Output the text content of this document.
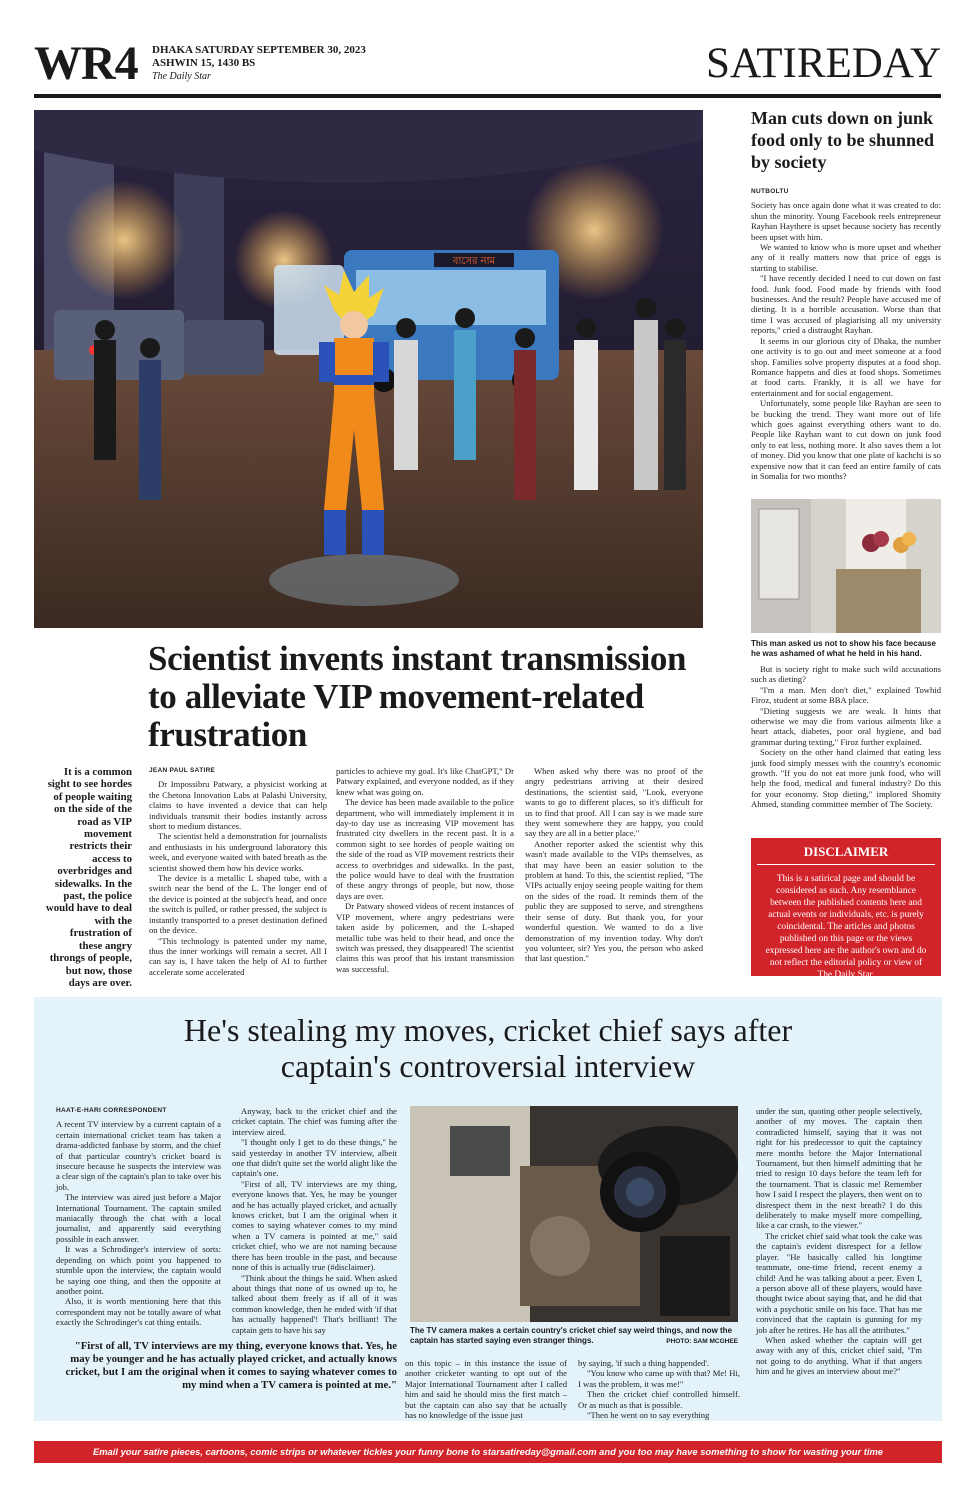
WR4 DHAKA SATURDAY SEPTEMBER 30, 2023
ASHWIN 15, 1430 BS
The Daily Star	SATIREDAY
বাসের নাম
Scientist invents instant transmission to alleviate VIP movement-related frustration
It is a common sight to see hordes of people waiting on the side of the road as VIP movement restricts their access to overbridges and sidewalks. In the past, the police would have to deal with the frustration of these angry throngs of people, but now, those days are over.
JEAN PAUL SATIRE

Dr Impossibru Patwary, a physicist working at the Chetona Innovation Labs at Palashi University, claims to have invented a device that can help individuals transmit their bodies instantly across short to medium distances.

The scientist held a demonstration for journalists and enthusiasts in his underground laboratory this week, and everyone waited with bated breath as the scientist showed them how his device works.

The device is a metallic L shaped tube, with a switch near the bend of the L. The longer end of the device is pointed at the subject's head, and once the switch is pulled, or rather pressed, the subject is instantly transported to a preset destination defined on the device.

"This technology is patented under my name, thus the inner workings will remain a secret. All I can say is, I have taken the help of AI to further accelerate some accelerated

particles to achieve my goal. It's like ChatGPT," Dr Patwary explained, and everyone nodded, as if they knew what was going on.

The device has been made available to the police department, who will immediately implement it in day-to day use as increasing VIP movement has frustrated city dwellers in the recent past. It is a common sight to see hordes of people waiting on the side of the road as VIP movement restricts their access to overbridges and sidewalks. In the past, the police would have to deal with the frustration of these angry throngs of people, but now, those days are over.

Dr Patwary showed videos of recent instances of VIP movement, where angry pedestrians were taken aside by policemen, and the L-shaped metallic tube was held to their head, and once the switch was pressed, they disappeared! The scientist claims this was proof that his instant transmission was successful.

When asked why there was no proof of the angry pedestrians arriving at their desired destinations, the scientist said, "Look, everyone wants to go to different places, so it's difficult for us to find that proof. All I can say is we made sure they went somewhere they are happy, you could say they are all in a better place."

Another reporter asked the scientist why this wasn't made available to the VIPs themselves, as that may have been an easier solution to the problem at hand. To this, the scientist replied, "The VIPs actually enjoy seeing people waiting for them on the sides of the road. It reminds them of the public they are supposed to serve, and strengthens their sense of duty. But thank you, for your wonderful question. We wanted to do a live demonstration of my invention today. Why don't you volunteer, sir? Yes you, the person who asked that last question."

Man cuts down on junk food only to be shunned by society
NUTBOLTU

Society has once again done what it was created to do: shun the minority. Young Facebook reels entrepreneur Rayhan Haythere is upset because society has recently been upset with him.

We wanted to know who is more upset and whether any of it really matters now that price of eggs is starting to stabilise.

"I have recently decided I need to cut down on fast food. Junk food. Food made by friends with food businesses. And the result? People have accused me of dieting. It is a horrible accusation. Worse than that time I was accused of plagiarising all my university reports," cried a distraught Rayhan.

It seems in our glorious city of Dhaka, the number one activity is to go out and meet someone at a food shop. Families solve property disputes at a food shop. Romance happens and dies at food shops. Sometimes at food carts. Frankly, it is all we have for entertainment and for social engagement.

Unfortunately, some people like Rayhan are seen to be bucking the trend. They want more out of life which goes against everything others want to do. People like Rayhan want to cut down on junk food only to eat less, nothing more. It also saves them a lot of money. Did you know that one plate of kachchi is so expensive now that it can feed an entire family of cats in Somalia for two months?

This man asked us not to show his face because he was ashamed of what he held in his hand.

But is society right to make such wild accusations such as dieting?

"I'm a man. Men don't diet," explained Towhid Firoz, student at some BBA place.

"Dieting suggests we are weak. It hints that otherwise we may die from various ailments like a heart attack, diabetes, poor oral hygiene, and bad grammar during texting," Firoz further explained.

Society on the other hand claimed that eating less junk food simply messes with the country's economic growth. "If you do not eat more junk food, who will help the food, medical and funeral industry? Do this for your economy. Stop dieting," implored Shomity Ahmed, standing committee member of The Society.

DISCLAIMER

This is a satirical page and should be considered as such. Any resemblance between the published contents here and actual events or individuals, etc. is purely coincidental. The articles and photos published on this page or the views expressed here are the author's own and do not reflect the editorial policy or view of The Daily Star.

He's stealing my moves, cricket chief says after
captain's controversial interview
HAAT-E-HARI CORRESPONDENT

A recent TV interview by a current captain of a certain international cricket team has taken a drama-addicted fanbase by storm, and the chief of that particular country's cricket board is insecure because he suspects the interview was a clear sign of the captain's plan to take over his job.

The interview was aired just before a Major International Tournament. The captain smiled maniacally through the chat with a local journalist, and apparently said everything possible in each answer.

It was a Schrodinger's interview of sorts: depending on which point you happened to stumble upon the interview, the captain would be saying one thing, and then the opposite at another point.

Also, it is worth mentioning here that this correspondent may not be totally aware of what exactly the Schrodinger's cat thing entails.

Anyway, back to the cricket chief and the cricket captain. The chief was fuming after the interview aired.

"I thought only I get to do these things," he said yesterday in another TV interview, albeit one that didn't quite set the world alight like the captain's one.

"First of all, TV interviews are my thing, everyone knows that. Yes, he may be younger and he has actually played cricket, and actually knows cricket, but I am the original when it comes to saying whatever comes to my mind when a TV camera is pointed at me," said cricket chief, who we are not naming because there has been trouble in the past, and because none of this is actually true (#disclaimer).

"Think about the things he said. When asked about things that none of us owned up to, he talked about them freely as if all of it was common knowledge, then he ended with 'if that has actually happened'! That's brilliant! The captain gets to have his say

"First of all, TV interviews are my thing, everyone knows that. Yes, he may be younger and he has actually played cricket, and actually knows cricket, but I am the original when it comes to saying whatever comes to my mind when a TV camera is pointed at me."
The TV camera makes a certain country's cricket chief say weird things, and now the captain has started saying even stranger things.	PHOTO: SAM MCGHEE

on this topic – in this instance the issue of another cricketer wanting to opt out of the Major International Tournament after I called him and said he should miss the first match – but the captain can also say that he actually has no knowledge of the issue just

by saying, 'if such a thing happended'.

"You know who came up with that? Me! Hi, I was the problem, it was me!"

Then the cricket chief controlled himself. Or as much as that is possible.

"Then he went on to say everything

under the sun, quoting other people selectively, another of my moves. The captain then contradicted himself, saying that it was not right for his predecessor to quit the captaincy mere months before the Major International Tournament, but then himself admitting that he tried to resign 10 days before the team left for the tournament. That is classic me! Remember how I said I respect the players, then went on to disrespect them in the next breath? I do this deliberately to make myself more compelling, like a car crash, to the viewer."

The cricket chief said what took the cake was the captain's evident disrespect for a fellow player. "He basically called his longtime teammate, one-time friend, recent enemy a child! And he was talking about a peer. Even I, a person above all of these players, would have thought twice about saying that, and he did that with a psychotic smile on his face. That has me convinced that the captain is gunning for my job after he retires. He has all the attributes."

When asked whether the captain will get away with any of this, cricket chief said, "I'm not going to do anything. What if that angers him and he gives an interview about me?"

Email your satire pieces, cartoons, comic strips or whatever tickles your funny bone to starsatireday@gmail.com and you too may have something to show for wasting your time
